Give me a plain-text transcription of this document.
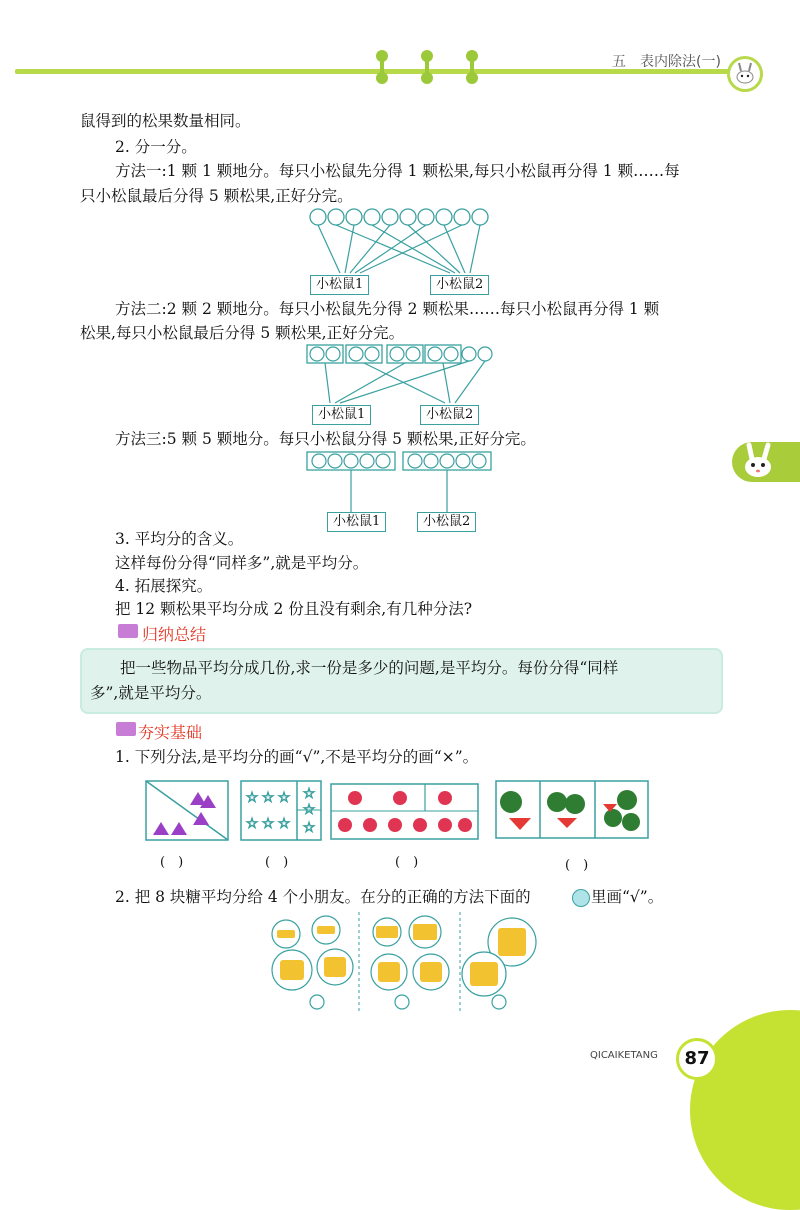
五　表内除法(一)
鼠得到的松果数量相同。
2. 分一分。
方法一:1 颗 1 颗地分。每只小松鼠先分得 1 颗松果,每只小松鼠再分得 1 颗……每
只小松鼠最后分得 5 颗松果,正好分完。
小松鼠1	小松鼠2
方法二:2 颗 2 颗地分。每只小松鼠先分得 2 颗松果……每只小松鼠再分得 1 颗
松果,每只小松鼠最后分得 5 颗松果,正好分完。
小松鼠1	小松鼠2
方法三:5 颗 5 颗地分。每只小松鼠分得 5 颗松果,正好分完。
小松鼠1	小松鼠2
3. 平均分的含义。
这样每份分得“同样多”,就是平均分。
4. 拓展探究。
把 12 颗松果平均分成 2 份且没有剩余,有几种分法?
归纳总结
把一些物品平均分成几份,求一份是多少的问题,是平均分。每份分得“同样
多”,就是平均分。
夯实基础
1. 下列分法,是平均分的画“√”,不是平均分的画“×”。
☆ ☆ ☆
☆ ☆ ☆
☆
☆
☆
(　)	(　)	(　)	(　)
2. 把 8 块糖平均分给 4 个小朋友。在分的正确的方法下面的	里画“√”。
QICAIKETANG	87
